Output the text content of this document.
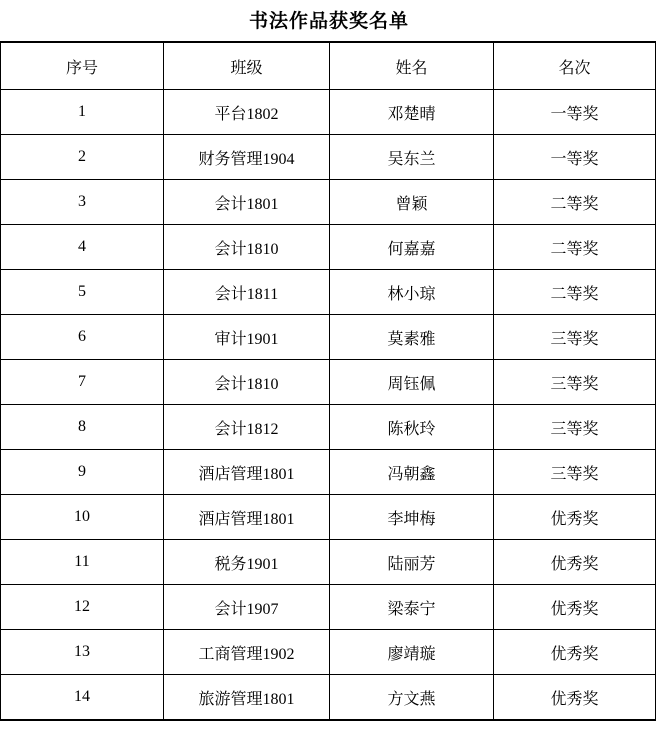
书法作品获奖名单
序号	班级	姓名	名次
1	平台1802	邓楚晴	一等奖
2	财务管理1904	吴东兰	一等奖
3	会计1801	曾颖	二等奖
4	会计1810	何嘉嘉	二等奖
5	会计1811	林小琼	二等奖
6	审计1901	莫素雅	三等奖
7	会计1810	周钰佩	三等奖
8	会计1812	陈秋玲	三等奖
9	酒店管理1801	冯朝鑫	三等奖
10	酒店管理1801	李坤梅	优秀奖
11	税务1901	陆丽芳	优秀奖
12	会计1907	梁泰宁	优秀奖
13	工商管理1902	廖靖璇	优秀奖
14	旅游管理1801	方文燕	优秀奖
